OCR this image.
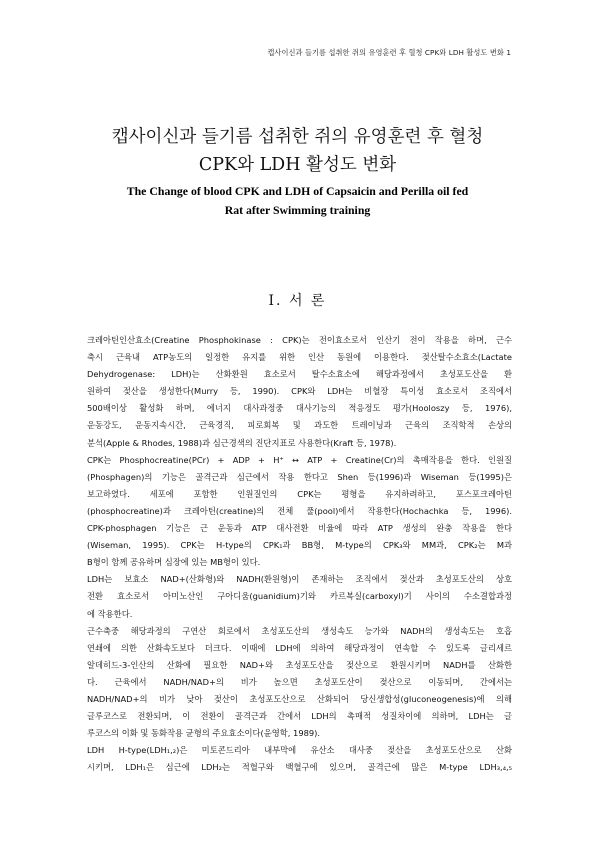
캡사이신과 들기름 섭취한 쥐의 유영훈련 후 혈청 CPK와 LDH 활성도 변화 1
캡사이신과 들기름 섭취한 쥐의 유영훈련 후 혈청
CPK와 LDH 활성도 변화
The Change of blood CPK and LDH of Capsaicin and Perilla oil fed
Rat after Swimming training
Ⅰ. 서 론
크레아틴인산효소(Creatine Phosphokinase : CPK)는 전이효소로서 인산기 전이 작용을 하며, 근수
축시 근육내 ATP농도의 일정한 유지를 위한 인산 동원에 이용한다. 젖산탈수소효소(Lactate
Dehydrogenase: LDH)는 산화환원 효소로서 탈수소효소에 해당과정에서 초성포도산을 환
원하여 젖산을 생성한다(Murry 등, 1990). CPK와 LDH는 비혈장 특이성 효소로서 조직에서
500배이상 활성화 하며, 에너지 대사과정중 대사기능의 적응정도 평가(Hooloszy 등, 1976),
운동강도, 운동지속시간, 근육경직, 피로회복 및 과도한 트레이닝과 근육의 조직학적 손상의
분석(Apple & Rhodes, 1988)과 심근경색의 진단지표로 사용한다(Kraft 등, 1978).
CPK는 Phosphocreatine(PCr) + ADP + H⁺ ↔ ATP + Creatine(Cr)의 촉매작용을 한다. 인원질
(Phosphagen)의 기능은 골격근과 심근에서 작용 한다고 Shen 등(1996)과 Wiseman 등(1995)은
보고하였다. 세포에 포함한 인원질인의 CPK는 평형을 유지하려하고, 포스포크레아틴
(phosphocreatine)과 크레아틴(creatine)의 전체 풀(pool)에서 작용한다(Hochachka 등, 1996).
CPK-phosphagen 기능은 근 운동과 ATP 대사전환 비율에 따라 ATP 생성의 완충 작용을 한다
(Wiseman, 1995). CPK는 H-type의 CPK₁과 BB형, M-type의 CPK₃와 MM과, CPK₂는 M과
B형이 함께 공유하며 심장에 있는 MB형이 있다.
LDH는 보효소 NAD+(산화형)와 NADH(환원형)이 존재하는 조직에서 젖산과 초성포도산의 상호
전환 효소로서 아미노산인 구아디움(guanidium)기와 카르복실(carboxyl)기 사이의 수소결합과정
에 작용한다.
근수축중 해당과정의 구연산 회로에서 초성포도산의 생성속도 능가와 NADH의 생성속도는 호흡
연쇄에 의한 산화속도보다 더크다. 이때에 LDH에 의하여 해당과정이 연속할 수 있도록 글리세르
알데히드-3-인산의 산화에 필요한 NAD+와 초성포도산을 젖산으로 환원시키며 NADH를 산화한
다. 근육에서 NADH/NAD+의 비가 높으면 초성포도산이 젖산으로 이동되며, 간에서는
NADH/NAD+의 비가 낮아 젖산이 초성포도산으로 산화되어 당신생합성(gluconeogenesis)에 의해
글루코스로 전환되며, 이 전환이 골격근과 간에서 LDH의 촉매적 성질차이에 의하며, LDH는 글
루코스의 이화 및 동화작용 균형의 주요효소이다(윤영학, 1989).
LDH H-type(LDH₁,₂)은 미토콘드리아 내부막에 유산소 대사중 젖산을 초성포도산으로 산화
시키며, LDH₁은 심근에 LDH₂는 적혈구와 백혈구에 있으며, 골격근에 많은 M-type LDH₃,₄,₅
